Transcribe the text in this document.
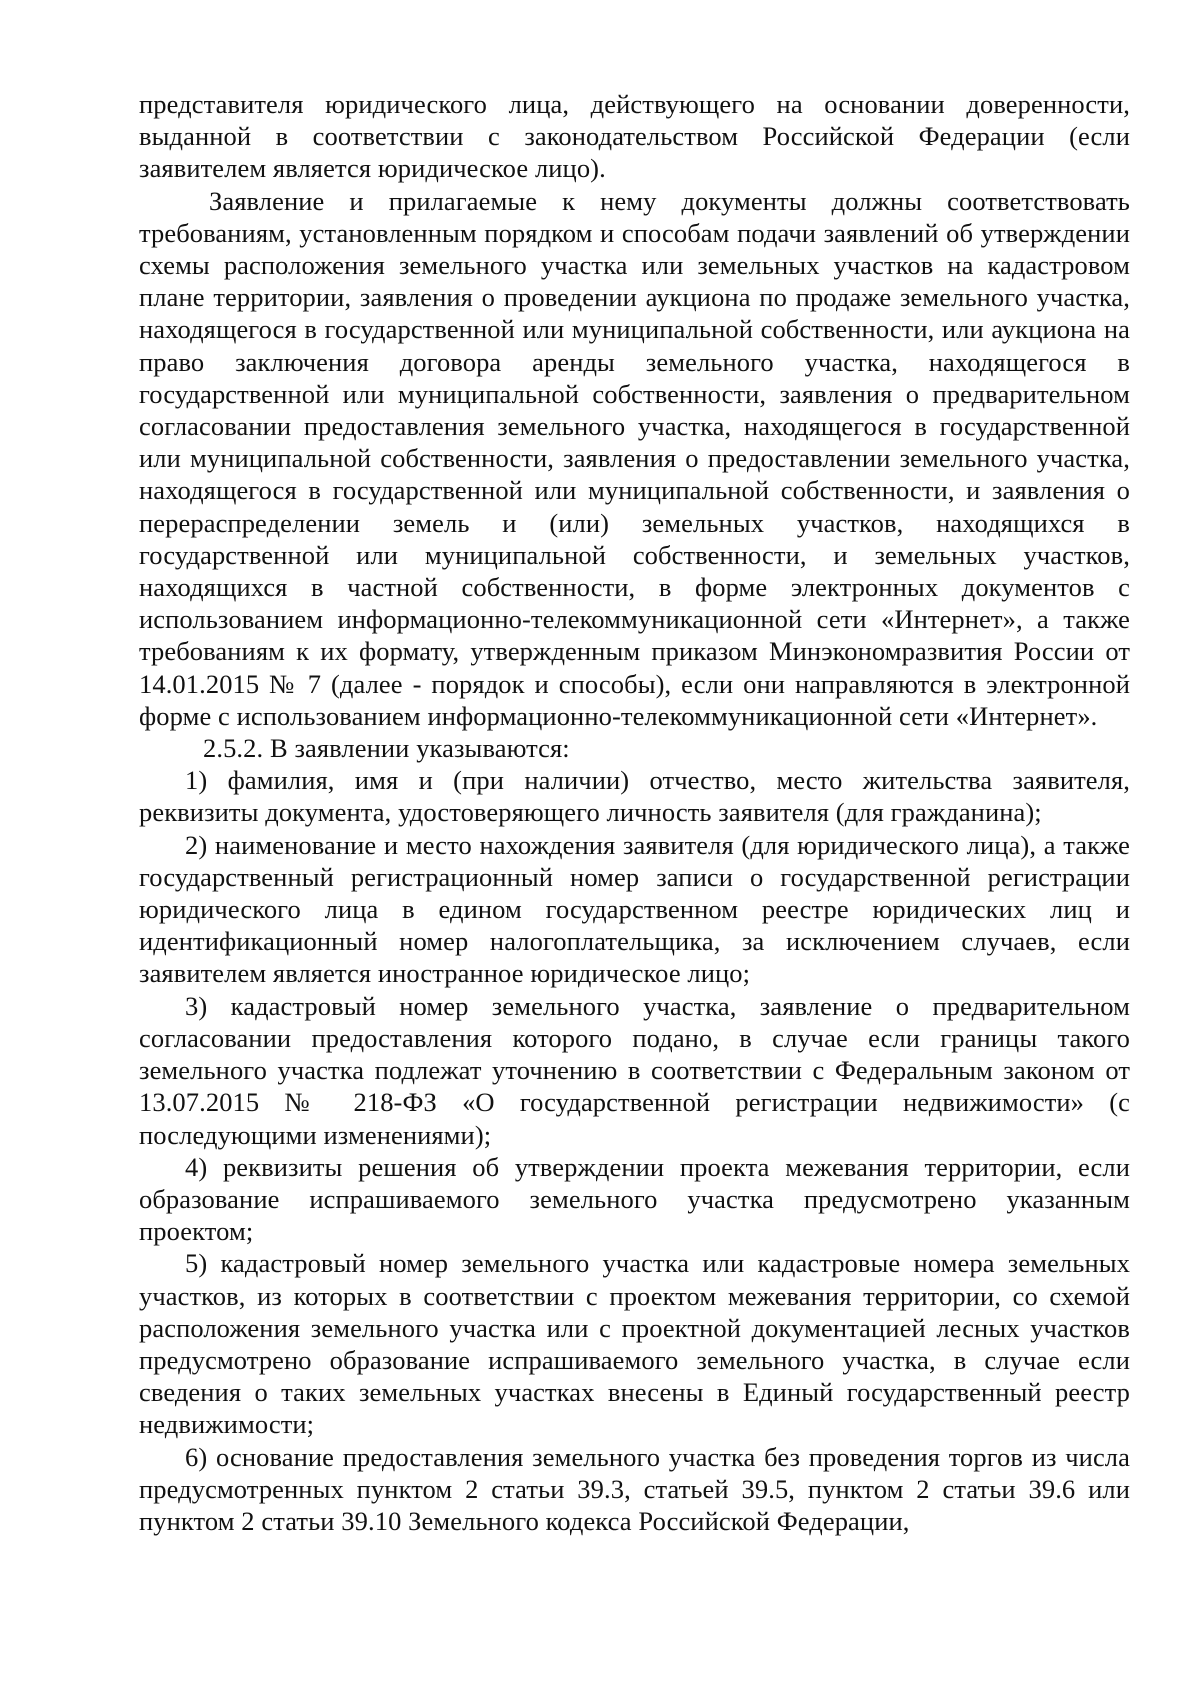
представителя юридического лица, действующего на основании доверенности, выданной в соответствии с законодательством Российской Федерации (если заявителем является юридическое лицо).

Заявление и прилагаемые к нему документы должны соответствовать требованиям, установленным порядком и способам подачи заявлений об утверждении схемы расположения земельного участка или земельных участков на кадастровом плане территории, заявления о проведении аукциона по продаже земельного участка, находящегося в государственной или муниципальной собственности, или аукциона на право заключения договора аренды земельного участка, находящегося в государственной или муниципальной собственности, заявления о предварительном согласовании предоставления земельного участка, находящегося в государственной или муниципальной собственности, заявления о предоставлении земельного участка, находящегося в государственной или муниципальной собственности, и заявления о перераспределении земель и (или) земельных участков, находящихся в государственной или муниципальной собственности, и земельных участков, находящихся в частной собственности, в форме электронных документов с использованием информационно-телекоммуникационной сети «Интернет», а также требованиям к их формату, утвержденным приказом Минэкономразвития России от 14.01.2015 № 7 (далее - порядок и способы), если они направляются в электронной форме с использованием информационно-телекоммуникационной сети «Интернет».

2.5.2. В заявлении указываются:

1) фамилия, имя и (при наличии) отчество, место жительства заявителя, реквизиты документа, удостоверяющего личность заявителя (для гражданина);

2) наименование и место нахождения заявителя (для юридического лица), а также государственный регистрационный номер записи о государственной регистрации юридического лица в едином государственном реестре юридических лиц и идентификационный номер налогоплательщика, за исключением случаев, если заявителем является иностранное юридическое лицо;

3) кадастровый номер земельного участка, заявление о предварительном согласовании предоставления которого подано, в случае если границы такого земельного участка подлежат уточнению в соответствии с Федеральным законом от 13.07.2015 № 218-ФЗ «О государственной регистрации недвижимости» (с последующими изменениями);

4) реквизиты решения об утверждении проекта межевания территории, если образование испрашиваемого земельного участка предусмотрено указанным проектом;

5) кадастровый номер земельного участка или кадастровые номера земельных участков, из которых в соответствии с проектом межевания территории, со схемой расположения земельного участка или с проектной документацией лесных участков предусмотрено образование испрашиваемого земельного участка, в случае если сведения о таких земельных участках внесены в Единый государственный реестр недвижимости;

6) основание предоставления земельного участка без проведения торгов из числа предусмотренных пунктом 2 статьи 39.3, статьей 39.5, пунктом 2 статьи 39.6 или пунктом 2 статьи 39.10 Земельного кодекса Российской Федерации,
